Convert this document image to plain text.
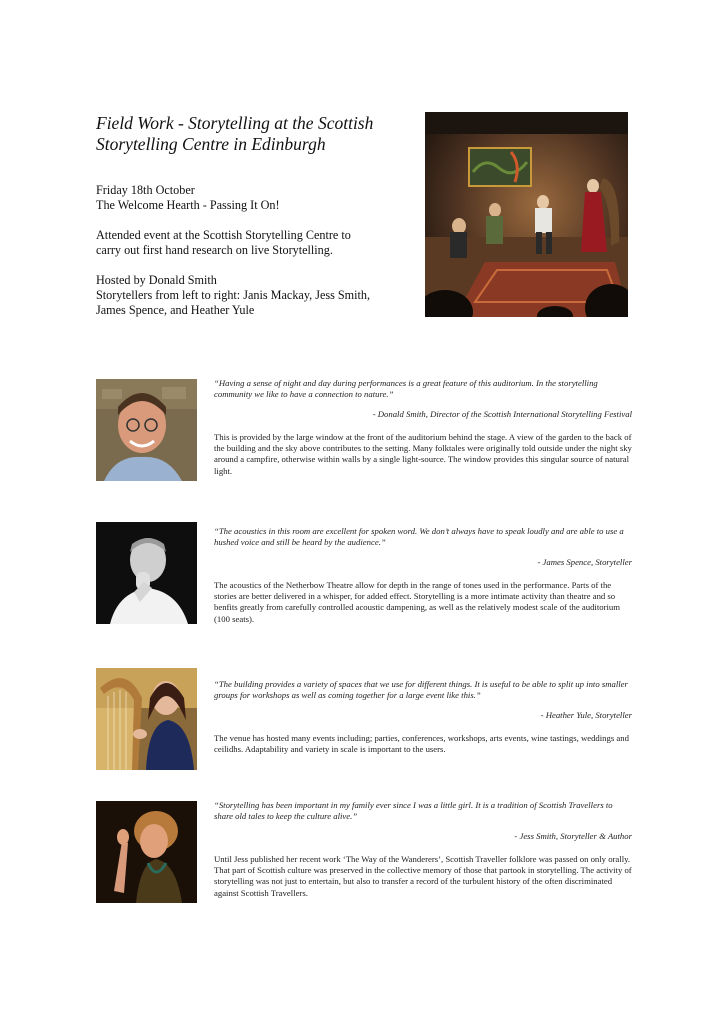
Field Work - Storytelling at the Scottish
Storytelling Centre in Edinburgh

Friday 18th October
The Welcome Hearth - Passing It On!

Attended event at the Scottish Storytelling Centre to
carry out first hand research on live Storytelling.

Hosted by Donald Smith
Storytellers from left to right: Janis Mackay, Jess Smith,
James Spence, and Heather Yule

“Having a sense of night and day during performances is a great feature of this auditorium. In the storytelling community we like to have a connection to nature.”

- Donald Smith, Director of the Scottish International Storytelling Festival

This is provided by the large window at the front of the auditorium behind the stage. A view of the garden to the back of the building and the sky above contributes to the setting. Many folktales were originally told outside under the night sky around a campfire, otherwise within walls by a single light-source. The window provides this singular source of natural light.

“The acoustics in this room are excellent for spoken word. We don’t always have to speak loudly and are able to use a hushed voice and still be heard by the audience.”

- James Spence, Storyteller

The acoustics of the Netherbow Theatre allow for depth in the range of tones used in the performance. Parts of the stories are better delivered in a whisper, for added effect. Storytelling is a more intimate activity than theatre and so benfits greatly from carefully controlled acoustic dampening, as well as the relatively modest scale of the auditorium (100 seats).

“The building provides a variety of spaces that we use for different things. It is useful to be able to split up into smaller groups for workshops as well as coming together for a large event like this.”

- Heather Yule, Storyteller

The venue has hosted many events including; parties, conferences, workshops, arts events, wine tastings, weddings and ceilidhs. Adaptability and variety in scale is important to the users.

“Storytelling has been important in my family ever since I was a little girl. It is a tradition of Scottish Travellers to share old tales to keep the culture alive.”

- Jess Smith, Storyteller & Author

Until Jess published her recent work ‘The Way of the Wanderers’, Scottish Traveller folklore was passed on only orally. That part of Scottish culture was preserved in the collective memory of those that partook in storytelling. The activity of storytelling was not just to entertain, but also to transfer a record of the turbulent history of the often discriminated against Scottish Travellers.
